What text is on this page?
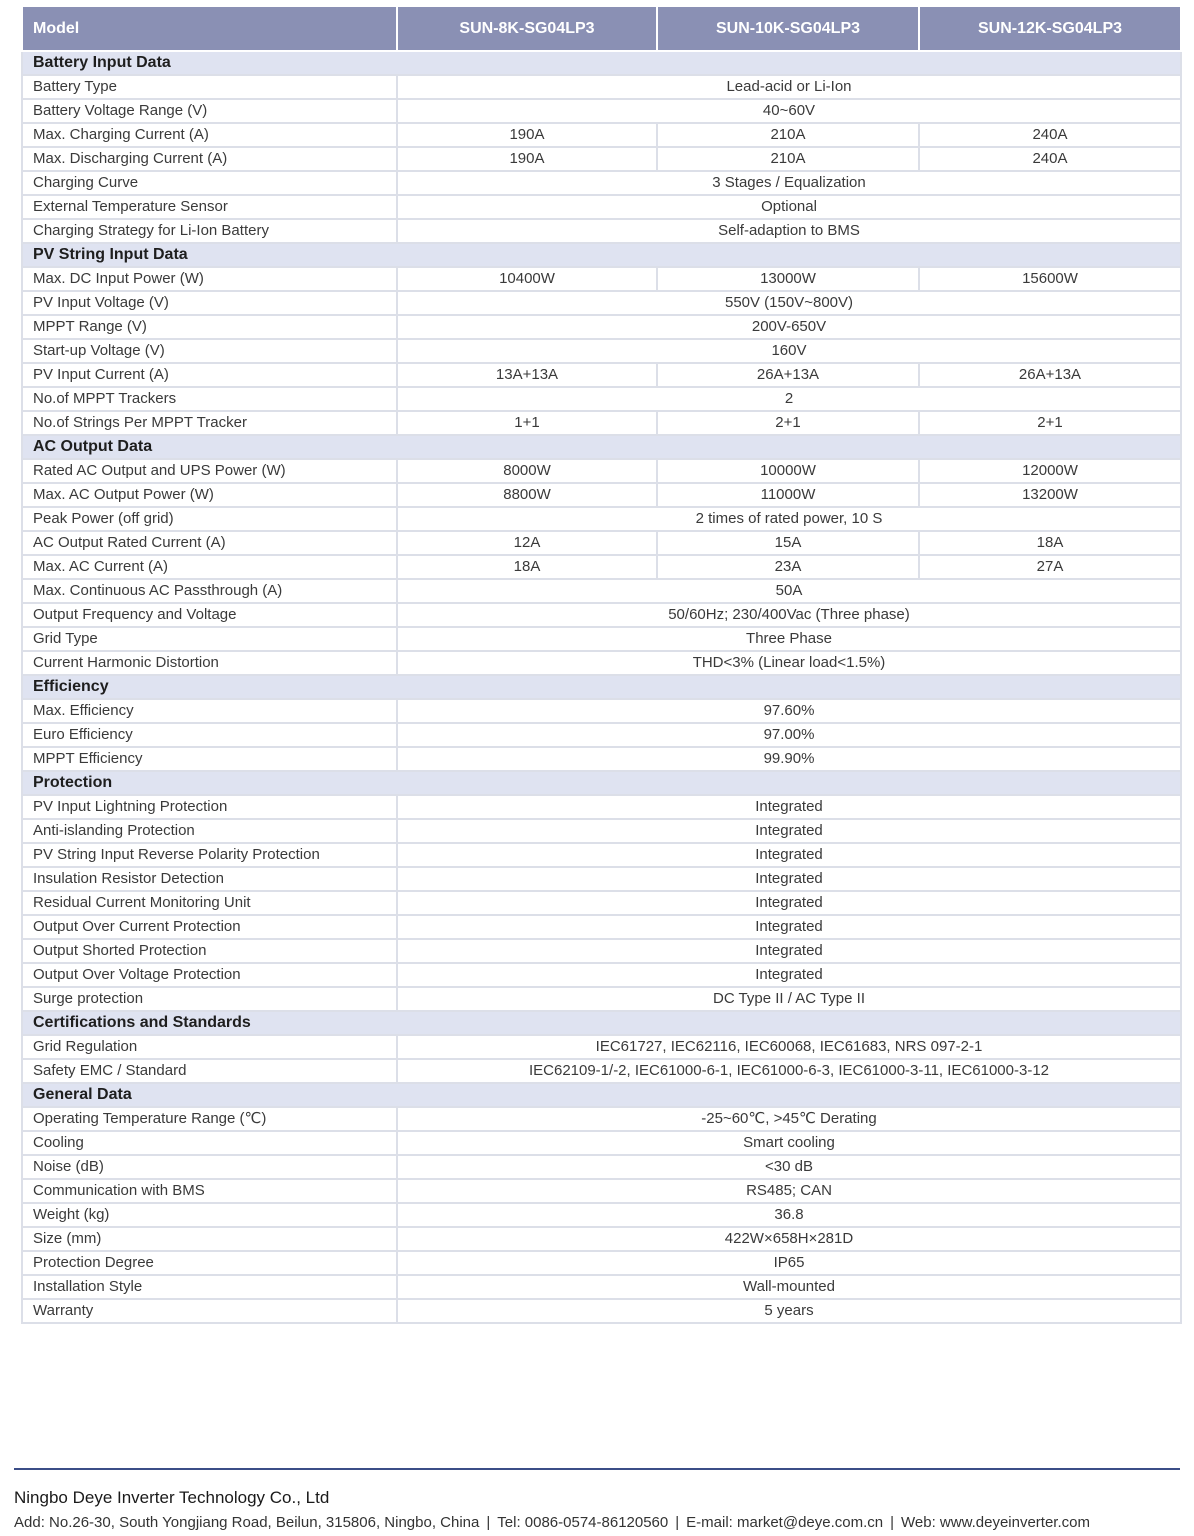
Model	SUN-8K-SG04LP3	SUN-10K-SG04LP3	SUN-12K-SG04LP3
Battery Input Data			
Battery Type	Lead-acid or Li-Ion		
Battery Voltage Range (V)	40~60V		
Max. Charging Current (A)	190A	210A	240A
Max. Discharging Current (A)	190A	210A	240A
Charging Curve	3 Stages / Equalization		
External Temperature Sensor	Optional		
Charging Strategy for Li-Ion Battery	Self-adaption to BMS		
PV String Input Data			
Max. DC Input Power (W)	10400W	13000W	15600W
PV Input Voltage (V)	550V (150V~800V)		
MPPT Range (V)	200V-650V		
Start-up Voltage (V)	160V		
PV Input Current (A)	13A+13A	26A+13A	26A+13A
No.of MPPT Trackers	2		
No.of Strings Per MPPT Tracker	1+1	2+1	2+1
AC Output Data			
Rated AC Output and UPS Power (W)	8000W	10000W	12000W
Max. AC Output Power (W)	8800W	11000W	13200W
Peak Power (off grid)	2 times of rated power, 10 S		
AC Output Rated Current (A)	12A	15A	18A
Max. AC Current (A)	18A	23A	27A
Max. Continuous AC Passthrough (A)	50A		
Output Frequency and Voltage	50/60Hz; 230/400Vac (Three phase)		
Grid Type	Three Phase		
Current Harmonic Distortion	THD<3% (Linear load<1.5%)		
Efficiency			
Max. Efficiency	97.60%		
Euro Efficiency	97.00%		
MPPT Efficiency	99.90%		
Protection			
PV Input Lightning Protection	Integrated		
Anti-islanding Protection	Integrated		
PV String Input Reverse Polarity Protection	Integrated		
Insulation Resistor Detection	Integrated		
Residual Current Monitoring Unit	Integrated		
Output Over Current Protection	Integrated		
Output Shorted Protection	Integrated		
Output Over Voltage Protection	Integrated		
Surge protection	DC Type II / AC Type II		
Certifications and Standards			
Grid Regulation	IEC61727, IEC62116, IEC60068, IEC61683, NRS 097-2-1		
Safety EMC / Standard	IEC62109-1/-2, IEC61000-6-1, IEC61000-6-3, IEC61000-3-11, IEC61000-3-12		
General Data			
Operating Temperature Range (℃)	-25~60℃, >45℃ Derating		
Cooling	Smart cooling		
Noise (dB)	<30 dB		
Communication with BMS	RS485; CAN		
Weight (kg)	36.8		
Size (mm)	422W×658H×281D		
Protection Degree	IP65		
Installation Style	Wall-mounted		
Warranty	5 years		
Ningbo Deye Inverter Technology Co., Ltd
Add: No.26-30, South Yongjiang Road, Beilun, 315806, Ningbo, China | Tel: 0086-0574-86120560 | E-mail: market@deye.com.cn | Web: www.deyeinverter.com
